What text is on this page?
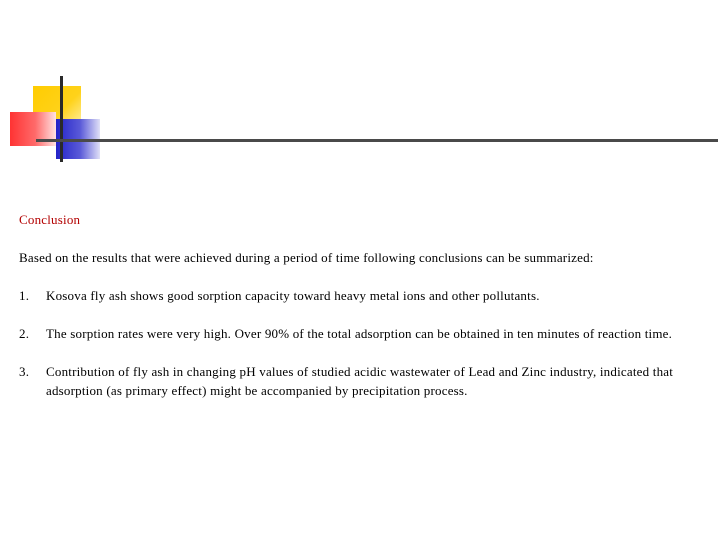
Conclusion
Based on the results that were achieved during a period of time following conclusions can be summarized:
1. Kosova fly ash shows good sorption capacity toward heavy metal ions and other pollutants.
2. The sorption rates were very high. Over 90% of the total adsorption can be obtained in ten minutes of reaction time.
3. Contribution of fly ash in changing pH values of studied acidic wastewater of Lead and Zinc industry, indicated that adsorption (as primary effect) might be accompanied by precipitation process.
